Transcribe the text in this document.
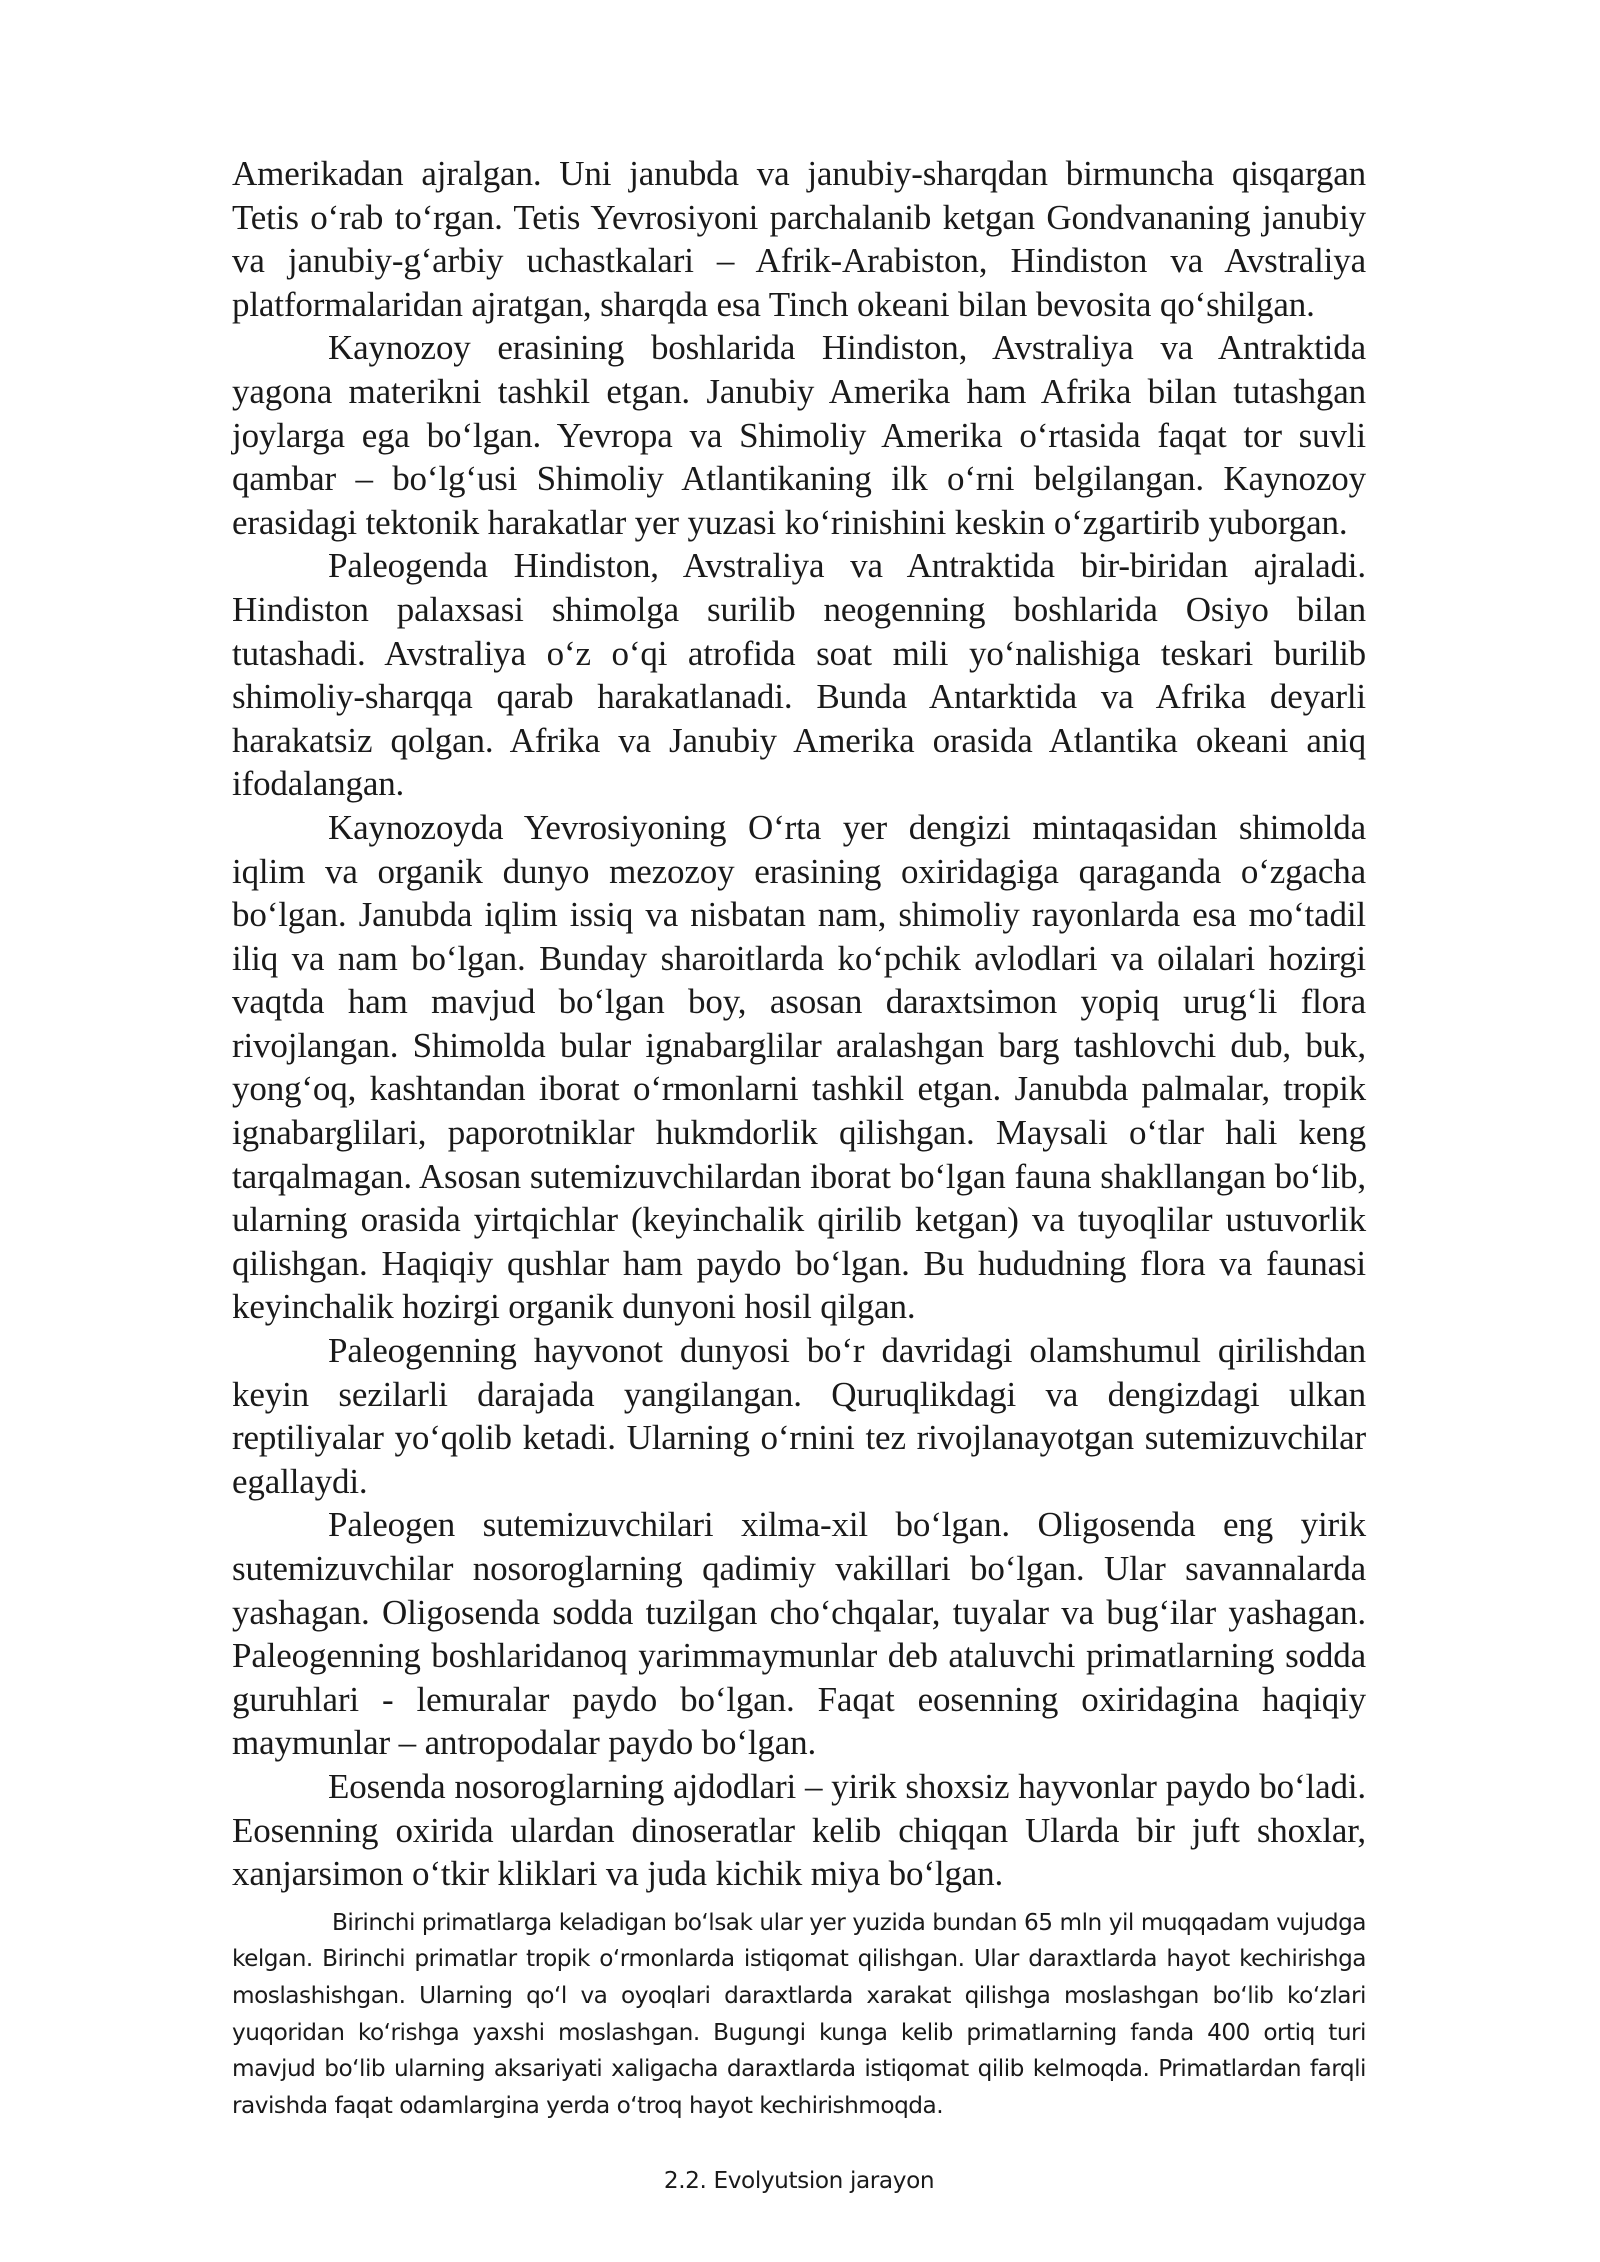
Amerikadan ajralgan. Uni janubda va janubiy-sharqdan birmuncha qisqargan Tetis o‘rab to‘rgan. Tetis Yevrosiyoni parchalanib ketgan Gondvananing janubiy va janubiy-g‘arbiy uchastkalari – Afrik-Arabiston, Hindiston va Avstraliya platformalaridan ajratgan, sharqda esa Tinch okeani bilan bevosita qo‘shilgan.

Kaynozoy erasining boshlarida Hindiston, Avstraliya va Antraktida yagona materikni tashkil etgan. Janubiy Amerika ham Afrika bilan tutashgan joylarga ega bo‘lgan. Yevropa va Shimoliy Amerika o‘rtasida faqat tor suvli qambar – bo‘lg‘usi Shimoliy Atlantikaning ilk o‘rni belgilangan. Kaynozoy erasidagi tektonik harakatlar yer yuzasi ko‘rinishini keskin o‘zgartirib yuborgan.

Paleogenda Hindiston, Avstraliya va Antraktida bir-biridan ajraladi. Hindiston palaxsasi shimolga surilib neogenning boshlarida Osiyo bilan tutashadi. Avstraliya o‘z o‘qi atrofida soat mili yo‘nalishiga teskari burilib shimoliy-sharqqa qarab harakatlanadi. Bunda Antarktida va Afrika deyarli harakatsiz qolgan. Afrika va Janubiy Amerika orasida Atlantika okeani aniq ifodalangan.

Kaynozoyda Yevrosiyoning O‘rta yer dengizi mintaqasidan shimolda iqlim va organik dunyo mezozoy erasining oxiridagiga qaraganda o‘zgacha bo‘lgan. Janubda iqlim issiq va nisbatan nam, shimoliy rayonlarda esa mo‘tadil iliq va nam bo‘lgan. Bunday sharoitlarda ko‘pchik avlodlari va oilalari hozirgi vaqtda ham mavjud bo‘lgan boy, asosan daraxtsimon yopiq urug‘li flora rivojlangan. Shimolda bular ignabarglilar aralashgan barg tashlovchi dub, buk, yong‘oq, kashtandan iborat o‘rmonlarni tashkil etgan. Janubda palmalar, tropik ignabarglilari, paporotniklar hukmdorlik qilishgan. Maysali o‘tlar hali keng tarqalmagan. Asosan sutemizuvchilardan iborat bo‘lgan fauna shakllangan bo‘lib, ularning orasida yirtqichlar (keyinchalik qirilib ketgan) va tuyoqlilar ustuvorlik qilishgan. Haqiqiy qushlar ham paydo bo‘lgan. Bu hududning flora va faunasi keyinchalik hozirgi organik dunyoni hosil qilgan.

Paleogenning hayvonot dunyosi bo‘r davridagi olamshumul qirilishdan keyin sezilarli darajada yangilangan. Quruqlikdagi va dengizdagi ulkan reptiliyalar yo‘qolib ketadi. Ularning o‘rnini tez rivojlanayotgan sutemizuvchilar egallaydi.

Paleogen sutemizuvchilari xilma-xil bo‘lgan. Oligosenda eng yirik sutemizuvchilar nosoroglarning qadimiy vakillari bo‘lgan. Ular savannalarda yashagan. Oligosenda sodda tuzilgan cho‘chqalar, tuyalar va bug‘ilar yashagan. Paleogenning boshlaridanoq yarimmaymunlar deb ataluvchi primatlarning sodda guruhlari - lemuralar paydo bo‘lgan. Faqat eosenning oxiridagina haqiqiy maymunlar – antropodalar paydo bo‘lgan.

Eosenda nosoroglarning ajdodlari – yirik shoxsiz hayvonlar paydo bo‘ladi. Eosenning oxirida ulardan dinoseratlar kelib chiqqan Ularda bir juft shoxlar, xanjarsimon o‘tkir kliklari va juda kichik miya bo‘lgan.

Birinchi primatlarga keladigan bo‘lsak ular yer yuzida bundan 65 mln yil muqqadam vujudga kelgan. Birinchi primatlar tropik o‘rmonlarda istiqomat qilishgan. Ular daraxtlarda hayot kechirishga moslashishgan. Ularning qo‘l va oyoqlari daraxtlarda xarakat qilishga moslashgan bo‘lib ko‘zlari yuqoridan ko‘rishga yaxshi moslashgan. Bugungi kunga kelib primatlarning fanda 400 ortiq turi mavjud bo‘lib ularning aksariyati xaligacha daraxtlarda istiqomat qilib kelmoqda. Primatlardan farqli ravishda faqat odamlargina yerda o‘troq hayot kechirishmoqda.

2.2. Evolyutsion jarayon
